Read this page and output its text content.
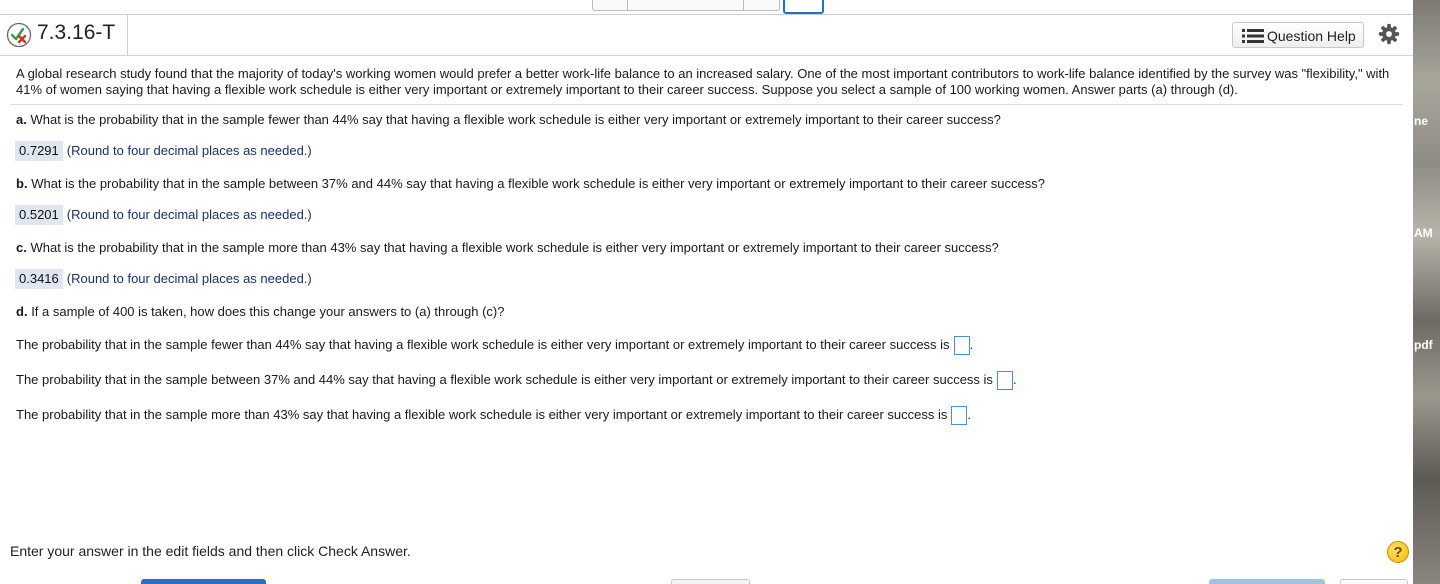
7.3.16-T	Question Help
A global research study found that the majority of today's working women would prefer a better work-life balance to an increased salary. One of the most important contributors to work-life balance identified by the survey was "flexibility," with 41% of women saying that having a flexible work schedule is either very important or extremely important to their career success. Suppose you select a sample of 100 working women. Answer parts (a) through (d).
a. What is the probability that in the sample fewer than 44% say that having a flexible work schedule is either very important or extremely important to their career success?
0.7291 (Round to four decimal places as needed.)
b. What is the probability that in the sample between 37% and 44% say that having a flexible work schedule is either very important or extremely important to their career success?
0.5201 (Round to four decimal places as needed.)
c. What is the probability that in the sample more than 43% say that having a flexible work schedule is either very important or extremely important to their career success?
0.3416 (Round to four decimal places as needed.)
d. If a sample of 400 is taken, how does this change your answers to (a) through (c)?
The probability that in the sample fewer than 44% say that having a flexible work schedule is either very important or extremely important to their career success is .
The probability that in the sample between 37% and 44% say that having a flexible work schedule is either very important or extremely important to their career success is .
The probability that in the sample more than 43% say that having a flexible work schedule is either very important or extremely important to their career success is .
Enter your answer in the edit fields and then click Check Answer.	?
ne
AM
pdf
